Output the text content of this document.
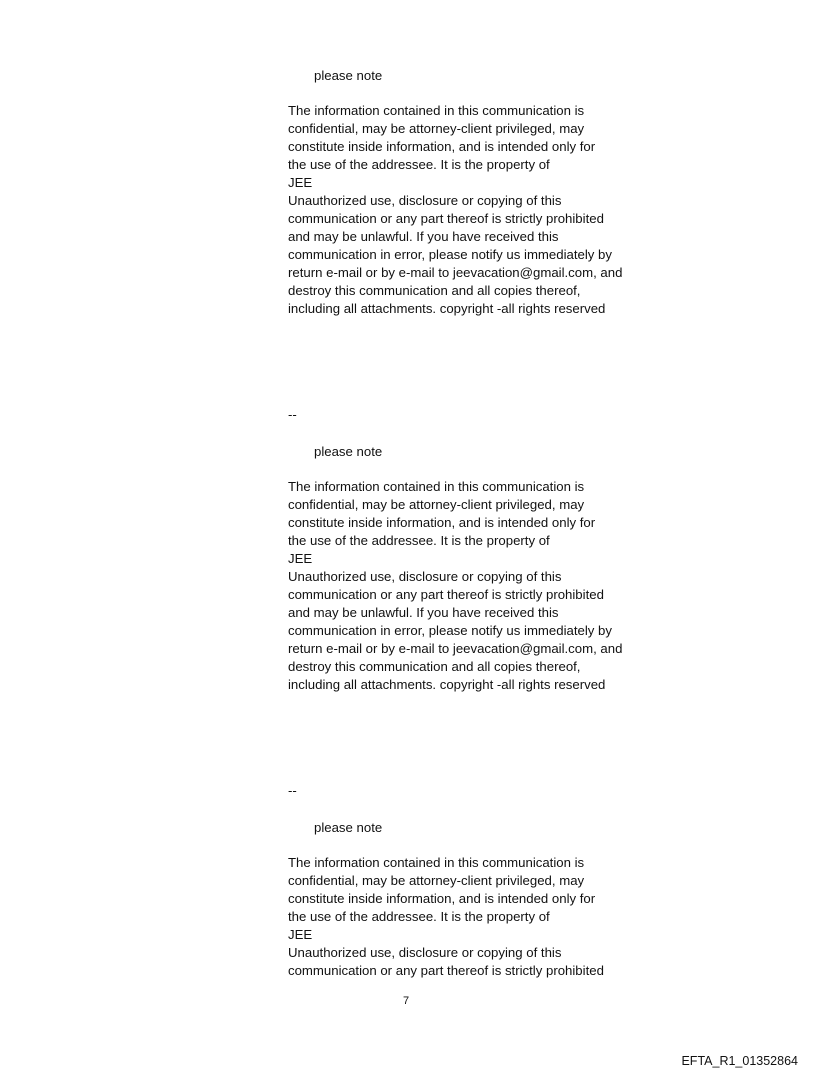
please note
The information contained in this communication is
confidential, may be attorney-client privileged, may
constitute inside information, and is intended only for
the use of the addressee. It is the property of
JEE
Unauthorized use, disclosure or copying of this
communication or any part thereof is strictly prohibited
and may be unlawful. If you have received this
communication in error, please notify us immediately by
return e-mail or by e-mail to jeevacation@gmail.com, and
destroy this communication and all copies thereof,
including all attachments. copyright -all rights reserved
--
please note
The information contained in this communication is
confidential, may be attorney-client privileged, may
constitute inside information, and is intended only for
the use of the addressee. It is the property of
JEE
Unauthorized use, disclosure or copying of this
communication or any part thereof is strictly prohibited
and may be unlawful. If you have received this
communication in error, please notify us immediately by
return e-mail or by e-mail to jeevacation@gmail.com, and
destroy this communication and all copies thereof,
including all attachments. copyright -all rights reserved
--
please note
The information contained in this communication is
confidential, may be attorney-client privileged, may
constitute inside information, and is intended only for
the use of the addressee. It is the property of
JEE
Unauthorized use, disclosure or copying of this
communication or any part thereof is strictly prohibited
7
EFTA_R1_01352864
